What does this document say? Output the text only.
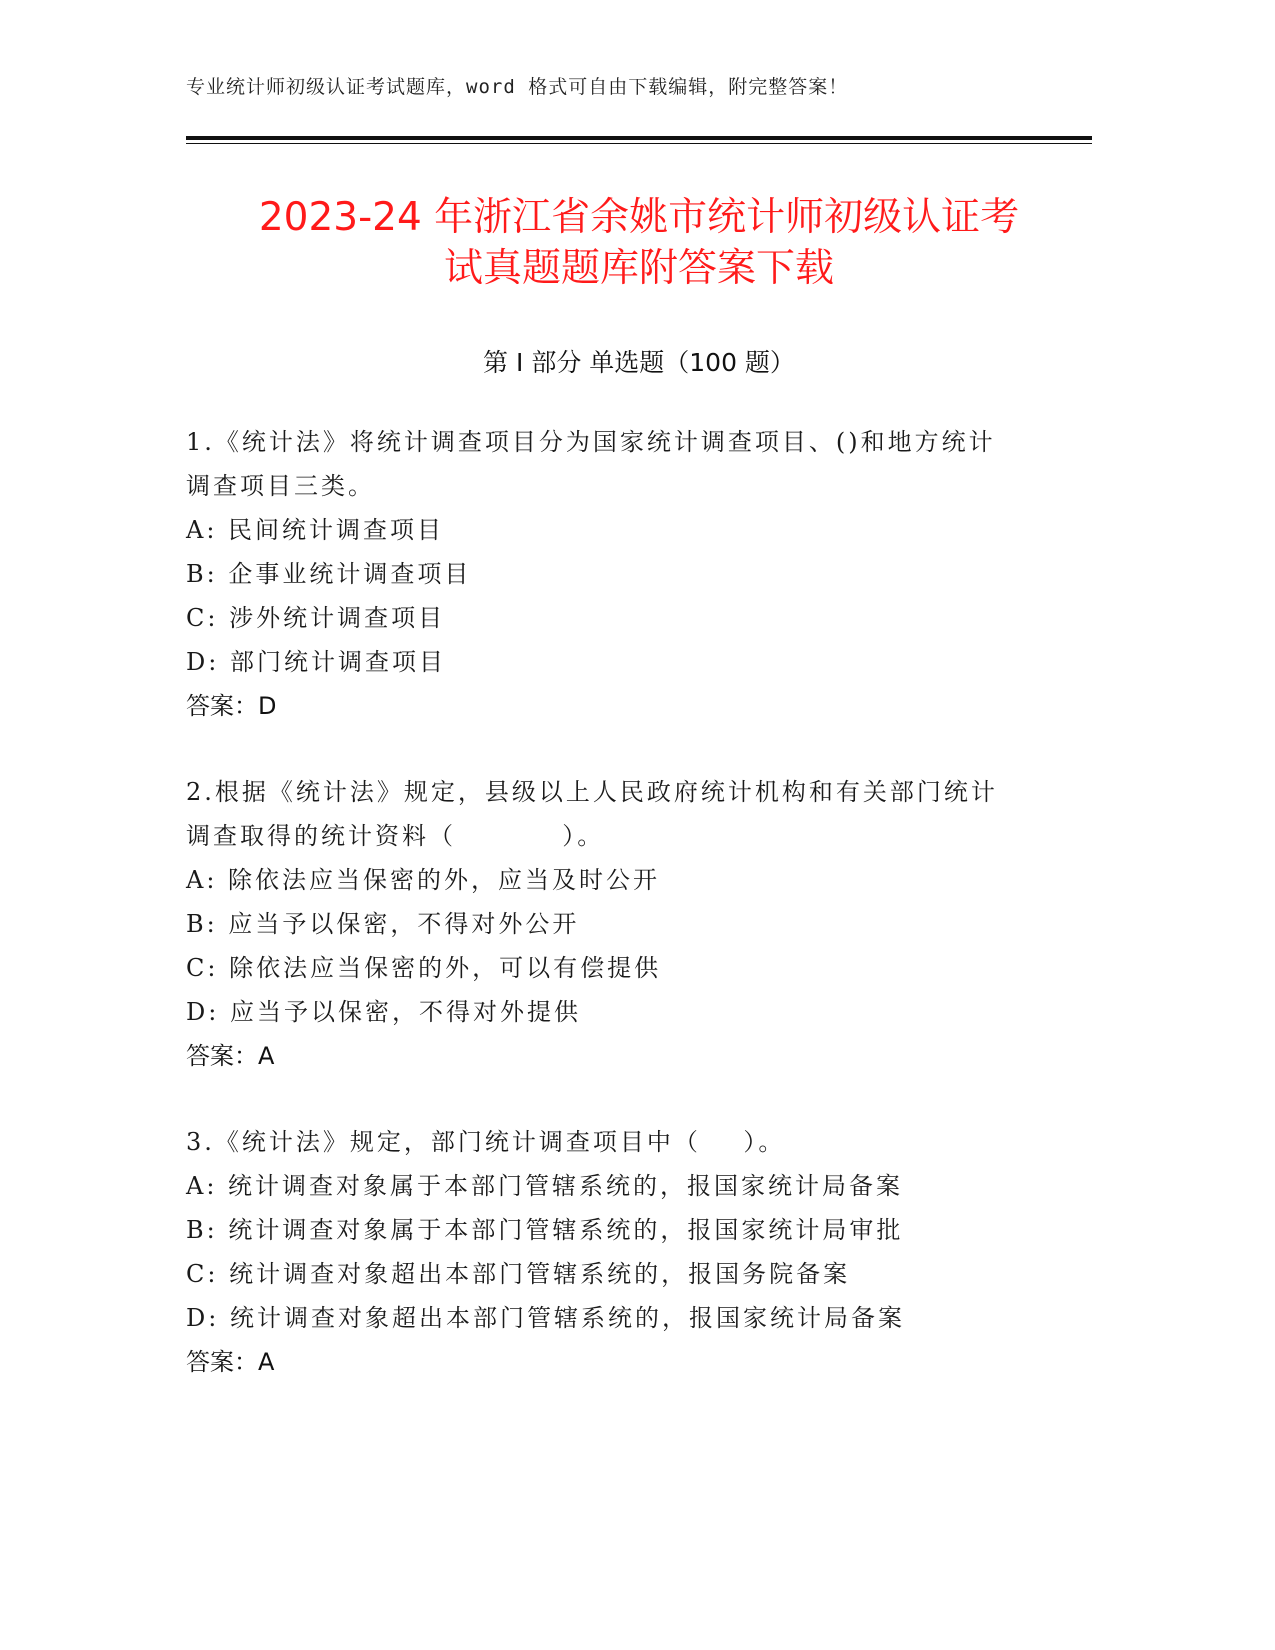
专业统计师初级认证考试题库，word 格式可自由下载编辑，附完整答案！
2023-24 年浙江省余姚市统计师初级认证考
试真题题库附答案下载
第 I 部分 单选题（100 题）

1.《统计法》将统计调查项目分为国家统计调查项目、()和地方统计

调查项目三类。

A: 民间统计调查项目

B: 企事业统计调查项目

C: 涉外统计调查项目

D: 部门统计调查项目

答案：D

2.根据《统计法》规定，县级以上人民政府统计机构和有关部门统计

调查取得的统计资料（          ）。

A: 除依法应当保密的外，应当及时公开

B: 应当予以保密，不得对外公开

C: 除依法应当保密的外，可以有偿提供

D: 应当予以保密，不得对外提供

答案：A

3.《统计法》规定，部门统计调查项目中（    ）。

A: 统计调查对象属于本部门管辖系统的，报国家统计局备案

B: 统计调查对象属于本部门管辖系统的，报国家统计局审批

C: 统计调查对象超出本部门管辖系统的，报国务院备案

D: 统计调查对象超出本部门管辖系统的，报国家统计局备案

答案：A
